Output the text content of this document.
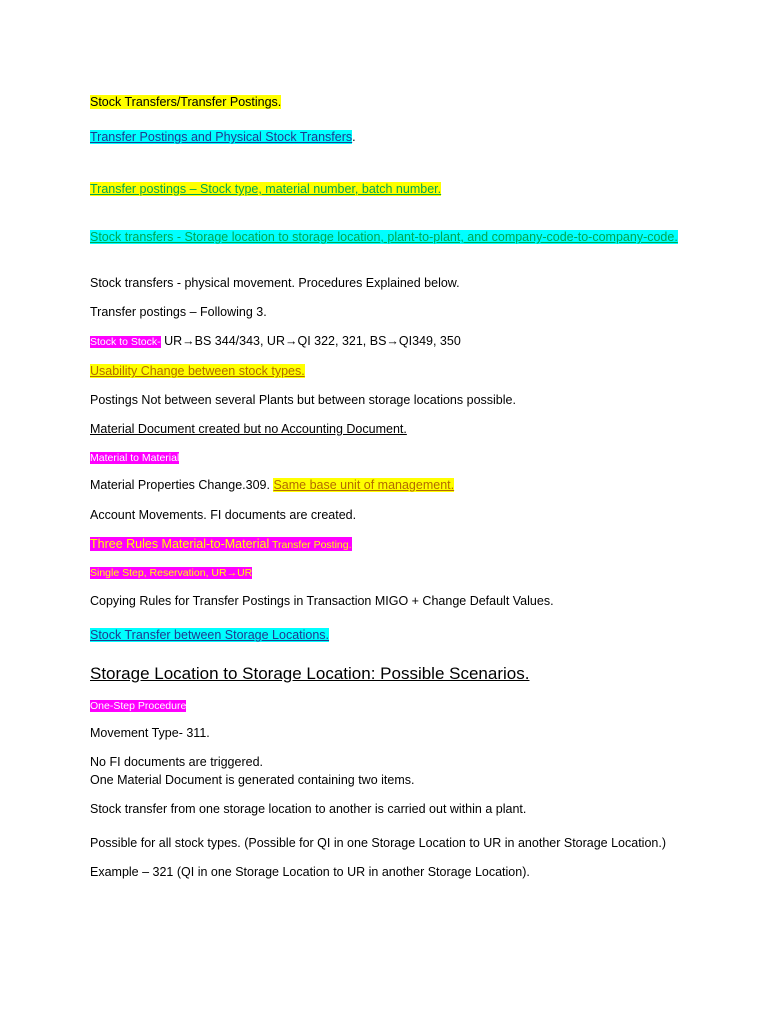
Stock Transfers/Transfer Postings.
Transfer Postings and Physical Stock Transfers.
Transfer postings – Stock type, material number, batch number.
Stock transfers - Storage location to storage location, plant-to-plant, and company-code-to-company-code.
Stock transfers - physical movement. Procedures Explained below.
Transfer postings – Following 3.
Stock to Stock- UR→BS 344/343, UR→QI 322, 321, BS→QI349, 350
Usability Change between stock types.
Postings Not between several Plants but between storage locations possible.
Material Document created but no Accounting Document.
Material to Material
Material Properties Change.309. Same base unit of management.
Account Movements. FI documents are created.
Three Rules Material-to-Material Transfer Posting.
Single Step, Reservation, UR→UR
Copying Rules for Transfer Postings in Transaction MIGO + Change Default Values.
Stock Transfer between Storage Locations.
Storage Location to Storage Location: Possible Scenarios.
One-Step Procedure
Movement Type- 311.
No FI documents are triggered.
One Material Document is generated containing two items.
Stock transfer from one storage location to another is carried out within a plant.
Possible for all stock types. (Possible for QI in one Storage Location to UR in another Storage Location.)
Example – 321 (QI in one Storage Location to UR in another Storage Location).
